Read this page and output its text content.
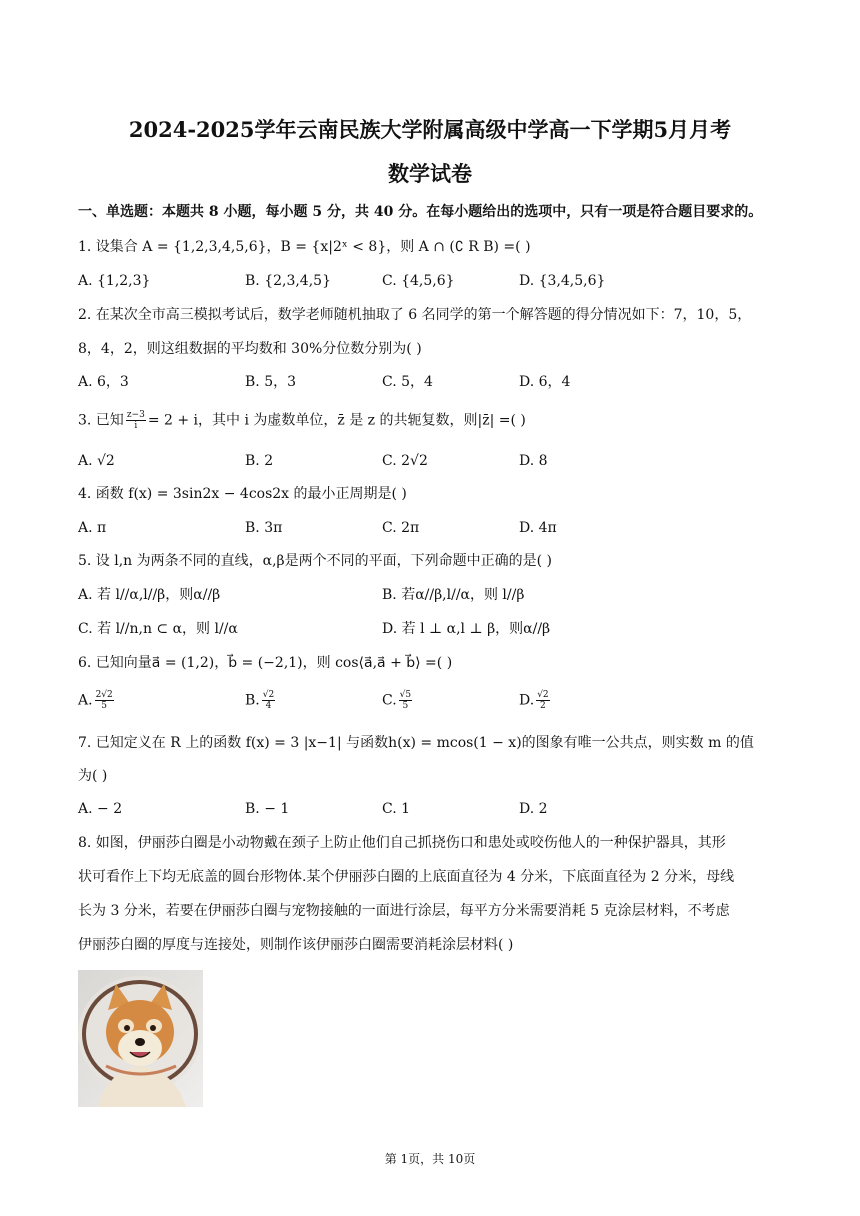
2024-2025学年云南民族大学附属高级中学高一下学期5月月考
数学试卷
一、单选题：本题共 8 小题，每小题 5 分，共 40 分。在每小题给出的选项中，只有一项是符合题目要求的。
1. 设集合 A = {1,2,3,4,5,6}，B = {x|2ˣ < 8}，则 A ∩ (∁ R B) =( )
A. {1,2,3}	B. {2,3,4,5}	C. {4,5,6}	D. {3,4,5,6}
2. 在某次全市高三模拟考试后，数学老师随机抽取了 6 名同学的第一个解答题的得分情况如下：7，10，5，
8，4，2，则这组数据的平均数和 30%分位数分别为( )
A. 6，3	B. 5，3	C. 5，4	D. 6，4
3. 已知 $\frac{z-3}{i} = 2 + i$，其中 i 为虚数单位，z̄ 是 z 的共轭复数，则|z̄| =( )
A. √2	B. 2	C. 2√2	D. 8
4. 函数 f(x) = 3sin2x − 4cos2x 的最小正周期是( )
A. π	B. 3π	C. 2π	D. 4π
5. 设 l,n 为两条不同的直线，α,β是两个不同的平面，下列命题中正确的是( )
A. 若 l//α,l//β，则α//β	B. 若α//β,l//α，则 l//β
C. 若 l//n,n ⊂ α，则 l//α	D. 若 l ⊥ α,l ⊥ β，则α//β
6. 已知向量a⃗ = (1,2)，b⃗ = (−2,1)，则 cos⟨a⃗,a⃗ + b⃗⟩ =( )
A. $\frac{2√2}{5}$	B. $\frac{√2}{4}$	C. $\frac{√5}{5}$	D. $\frac{√2}{2}$
7. 已知定义在 R 上的函数 f(x) = 3 |x−1| 与函数h(x) = mcos(1 − x)的图象有唯一公共点，则实数 m 的值
为( )
A. − 2	B. − 1	C. 1	D. 2
8. 如图，伊丽莎白圈是小动物戴在颈子上防止他们自己抓挠伤口和患处或咬伤他人的一种保护器具，其形
状可看作上下均无底盖的圆台形物体.某个伊丽莎白圈的上底面直径为 4 分米，下底面直径为 2 分米，母线
长为 3 分米，若要在伊丽莎白圈与宠物接触的一面进行涂层，每平方分米需要消耗 5 克涂层材料，不考虑
伊丽莎白圈的厚度与连接处，则制作该伊丽莎白圈需要消耗涂层材料( )
第 1页，共 10页
